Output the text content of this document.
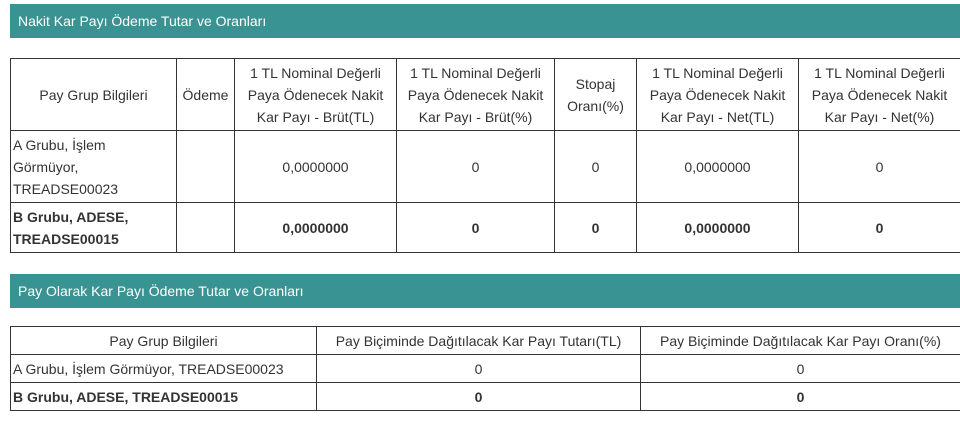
Nakit Kar Payı Ödeme Tutar ve Oranları
Pay Grup Bilgileri	Ödeme	1 TL Nominal Değerli Paya Ödenecek Nakit Kar Payı - Brüt(TL)	1 TL Nominal Değerli Paya Ödenecek Nakit Kar Payı - Brüt(%)	Stopaj Oranı(%)	1 TL Nominal Değerli Paya Ödenecek Nakit Kar Payı - Net(TL)	1 TL Nominal Değerli Paya Ödenecek Nakit Kar Payı - Net(%)
A Grubu, İşlem Görmüyor, TREADSE00023		0,0000000	0	0	0,0000000	0
B Grubu, ADESE, TREADSE00015		0,0000000	0	0	0,0000000	0
Pay Olarak Kar Payı Ödeme Tutar ve Oranları
Pay Grup Bilgileri	Pay Biçiminde Dağıtılacak Kar Payı Tutarı(TL)	Pay Biçiminde Dağıtılacak Kar Payı Oranı(%)
A Grubu, İşlem Görmüyor, TREADSE00023	0	0
B Grubu, ADESE, TREADSE00015	0	0
